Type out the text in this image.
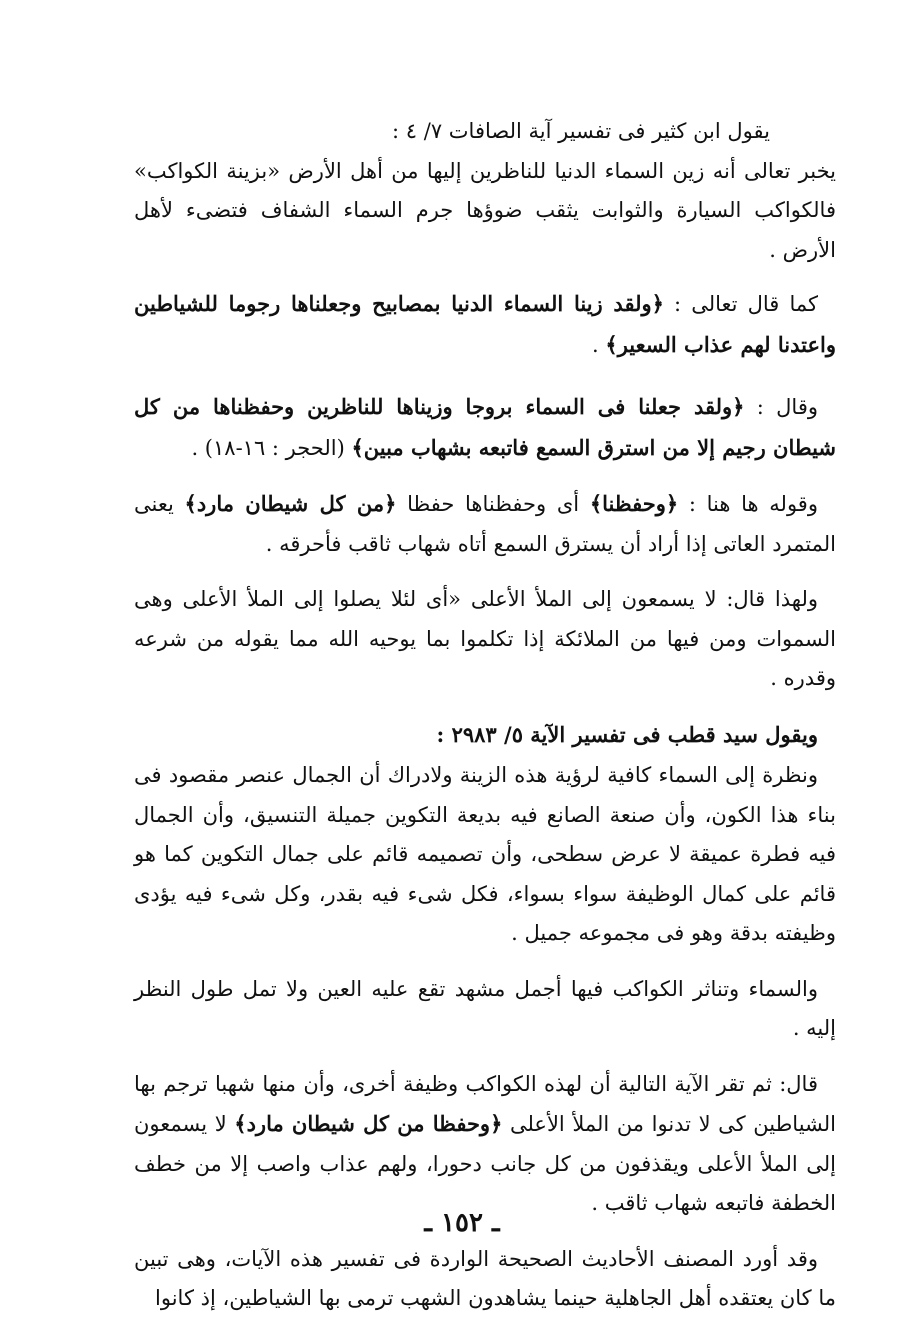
يقول ابن كثير فى تفسير آية الصافات ٧/ ٤ :
يخبر تعالى أنه زين السماء الدنيا للناظرين إليها من أهل الأرض «بزينة الكواكب» فالكواكب السيارة والثوابت يثقب ضوؤها جرم السماء الشفاف فتضىء لأهل الأرض .

كما قال تعالى : ﴿ولقد زينا السماء الدنيا بمصابيح وجعلناها رجوما للشياطين واعتدنا لهم عذاب السعير﴾ .

وقال : ﴿ولقد جعلنا فى السماء بروجا وزيناها للناظرين وحفظناها من كل شيطان رجيم إلا من استرق السمع فاتبعه بشهاب مبين﴾ (الحجر : ١٦-١٨) .

وقوله ها هنا : ﴿وحفظنا﴾ أى وحفظناها حفظا ﴿من كل شيطان مارد﴾ يعنى المتمرد العاتى إذا أراد أن يسترق السمع أتاه شهاب ثاقب فأحرقه .

ولهذا قال: لا يسمعون إلى الملأ الأعلى «أى لئلا يصلوا إلى الملأ الأعلى وهى السموات ومن فيها من الملائكة إذا تكلموا بما يوحيه الله مما يقوله من شرعه وقدره .

ويقول سيد قطب فى تفسير الآية ٥/ ٢٩٨٣ :

ونظرة إلى السماء كافية لرؤية هذه الزينة ولادراك أن الجمال عنصر مقصود فى بناء هذا الكون، وأن صنعة الصانع فيه بديعة التكوين جميلة التنسيق، وأن الجمال فيه فطرة عميقة لا عرض سطحى، وأن تصميمه قائم على جمال التكوين كما هو قائم على كمال الوظيفة سواء بسواء، فكل شىء فيه بقدر، وكل شىء فيه يؤدى وظيفته بدقة وهو فى مجموعه جميل .

والسماء وتناثر الكواكب فيها أجمل مشهد تقع عليه العين ولا تمل طول النظر إليه .

قال: ثم تقر الآية التالية أن لهذه الكواكب وظيفة أخرى، وأن منها شهبا ترجم بها الشياطين كى لا تدنوا من الملأ الأعلى ﴿وحفظا من كل شيطان مارد﴾ لا يسمعون إلى الملأ الأعلى ويقذفون من كل جانب دحورا، ولهم عذاب واصب إلا من خطف الخطفة فاتبعه شهاب ثاقب .

وقد أورد المصنف الأحاديث الصحيحة الواردة فى تفسير هذه الآيات، وهى تبين ما كان يعتقده أهل الجاهلية حينما يشاهدون الشهب ترمى بها الشياطين، إذ كانوا

ـ ١٥٢ ـ
